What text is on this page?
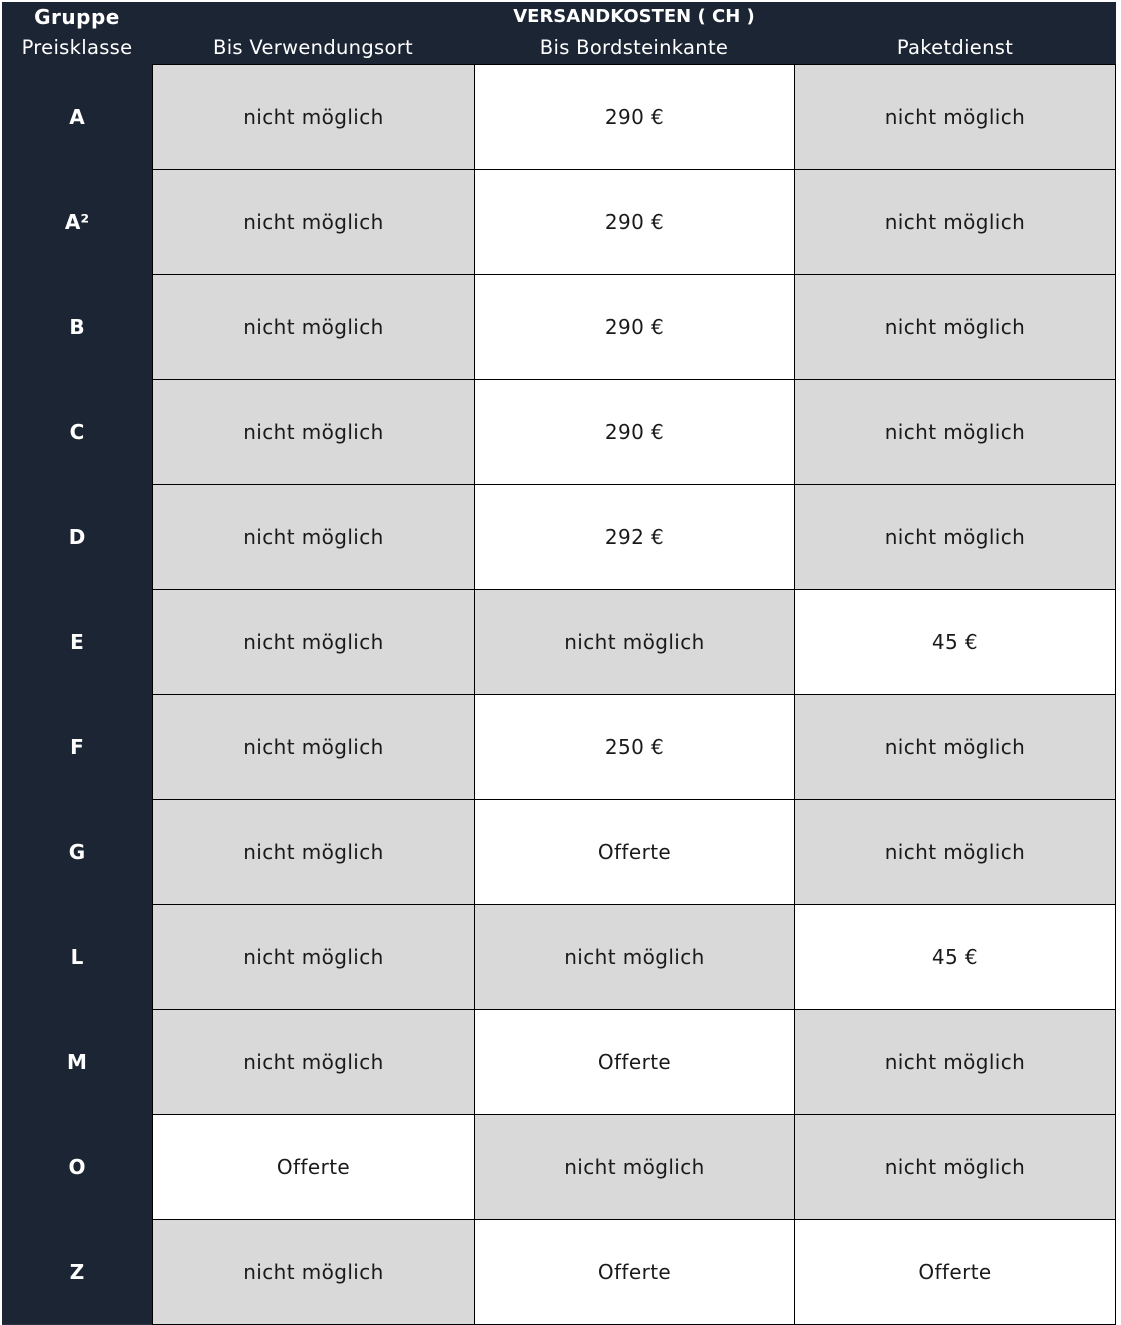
Gruppe	VERSANDKOSTEN ( CH )
Preisklasse	Bis Verwendungsort	Bis Bordsteinkante	Paketdienst
A	nicht möglich	290 €	nicht möglich
A²	nicht möglich	290 €	nicht möglich
B	nicht möglich	290 €	nicht möglich
C	nicht möglich	290 €	nicht möglich
D	nicht möglich	292 €	nicht möglich
E	nicht möglich	nicht möglich	45 €
F	nicht möglich	250 €	nicht möglich
G	nicht möglich	Offerte	nicht möglich
L	nicht möglich	nicht möglich	45 €
M	nicht möglich	Offerte	nicht möglich
O	Offerte	nicht möglich	nicht möglich
Z	nicht möglich	Offerte	Offerte
